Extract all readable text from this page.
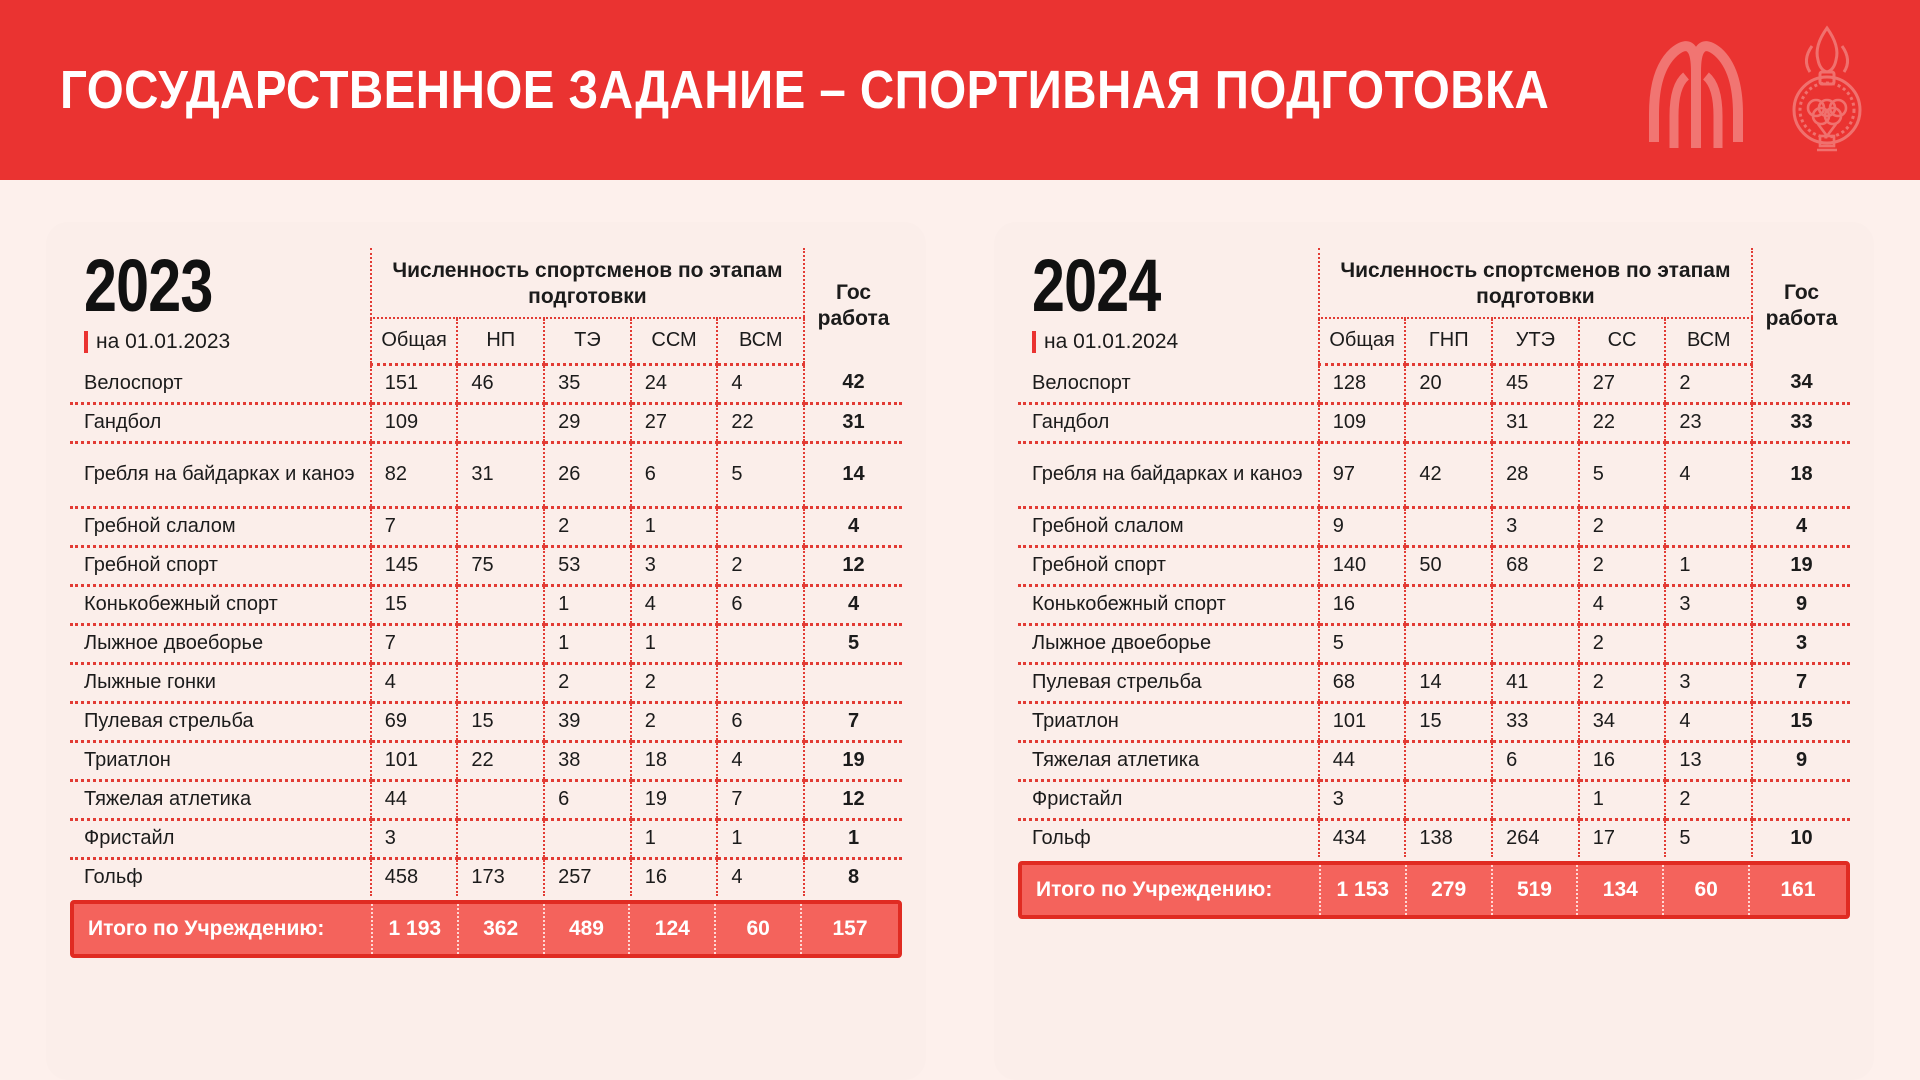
ГОСУДАРСТВЕННОЕ ЗАДАНИЕ – СПОРТИВНАЯ ПОДГОТОВКА
2023
на 01.01.2023	Численность спортсменов по этапам подготовки					Гос работа
	Общая	НП	ТЭ	ССМ	ВСМ	
Велоспорт	151	46	35	24	4	42
Гандбол	109		29	27	22	31
Гребля на байдарках и каноэ	82	31	26	6	5	14
Гребной слалом	7		2	1		4
Гребной спорт	145	75	53	3	2	12
Конькобежный спорт	15		1	4	6	4
Лыжное двоеборье	7		1	1		5
Лыжные гонки	4		2	2		
Пулевая стрельба	69	15	39	2	6	7
Триатлон	101	22	38	18	4	19
Тяжелая атлетика	44		6	19	7	12
Фристайл	3			1	1	1
Гольф	458	173	257	16	4	8
Итого по Учреждению:	1 193	362	489	124	60	157
2024
на 01.01.2024	Численность спортсменов по этапам подготовки					Гос работа
	Общая	ГНП	УТЭ	СС	ВСМ	
Велоспорт	128	20	45	27	2	34
Гандбол	109		31	22	23	33
Гребля на байдарках и каноэ	97	42	28	5	4	18
Гребной слалом	9		3	2		4
Гребной спорт	140	50	68	2	1	19
Конькобежный спорт	16			4	3	9
Лыжное двоеборье	5			2		3
Пулевая стрельба	68	14	41	2	3	7
Триатлон	101	15	33	34	4	15
Тяжелая атлетика	44		6	16	13	9
Фристайл	3			1	2	
Гольф	434	138	264	17	5	10
Итого по Учреждению:	1 153	279	519	134	60	161
